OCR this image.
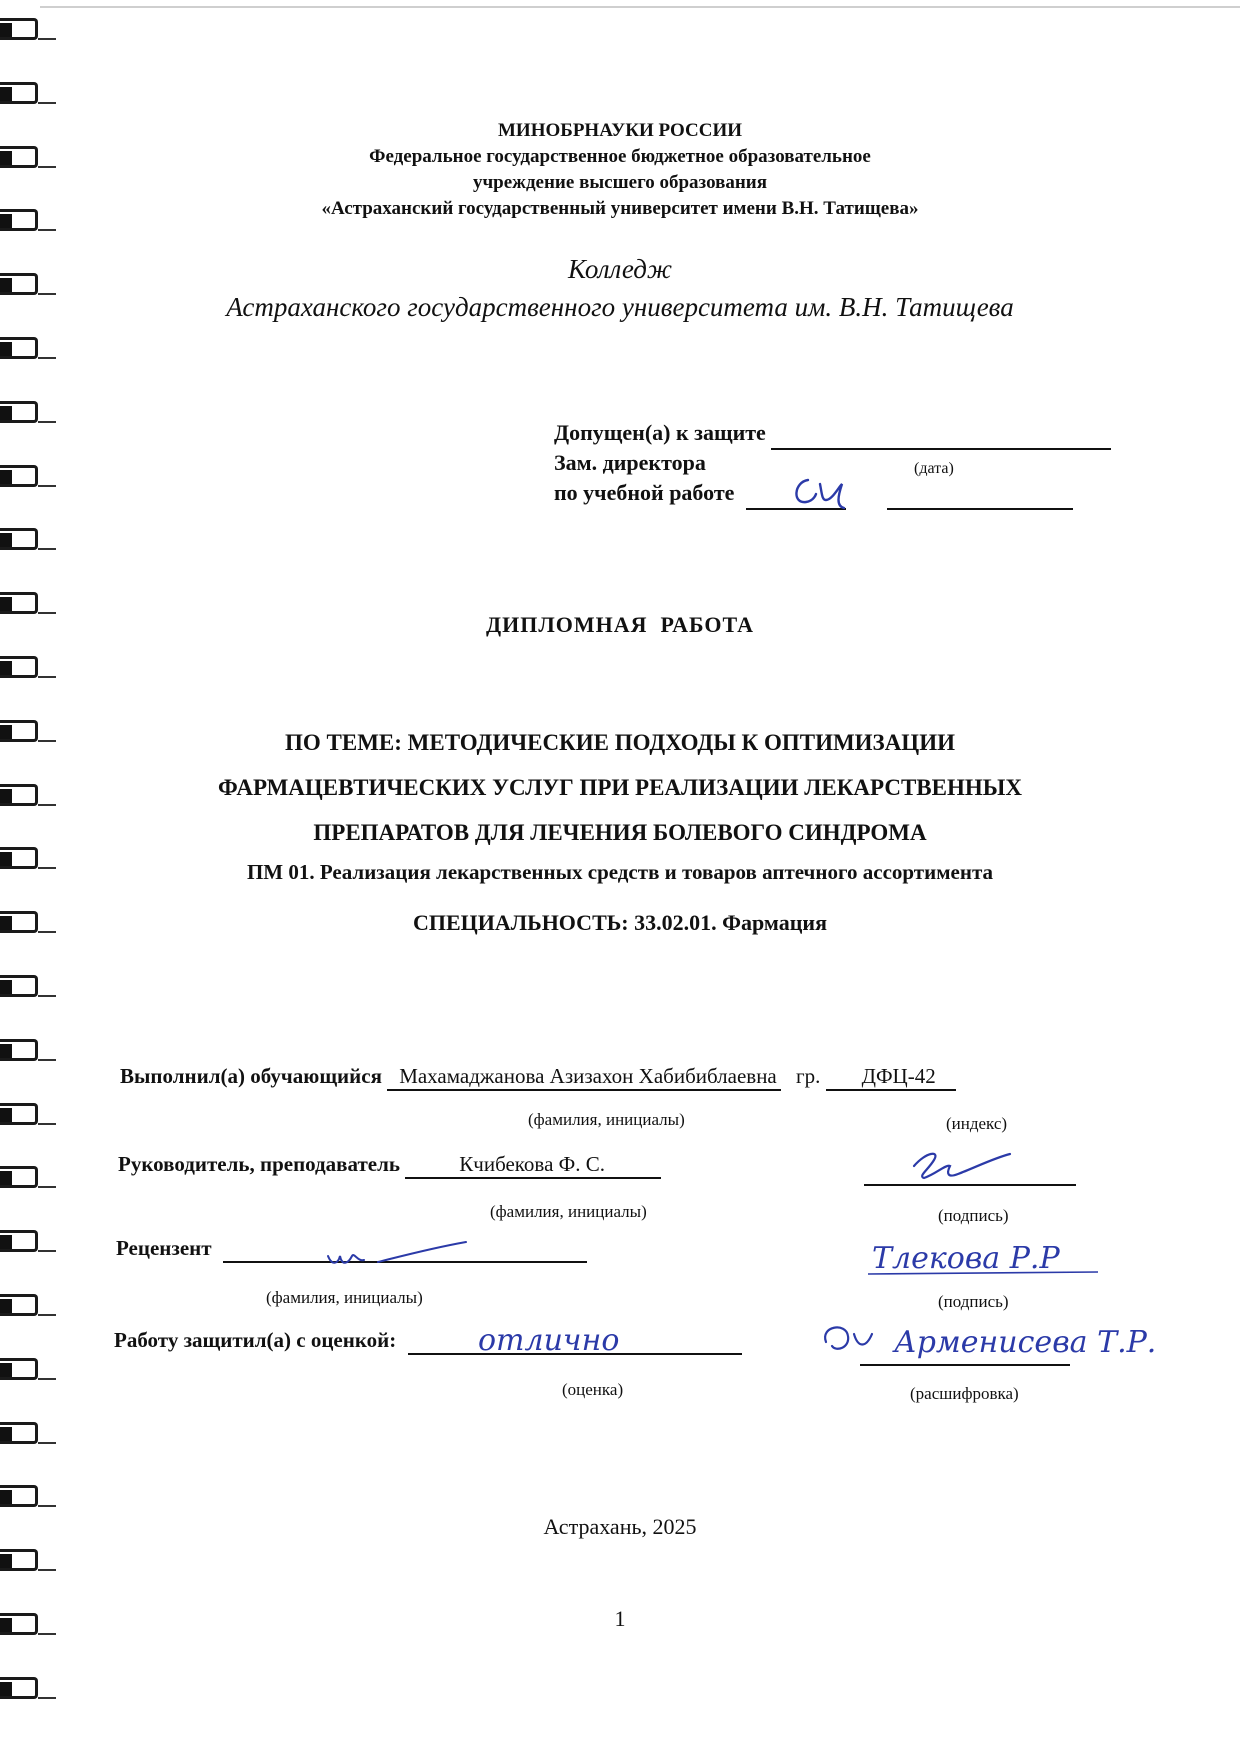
МИНОБРНАУКИ РОССИИ
Федеральное государственное бюджетное образовательное
учреждение высшего образования
«Астраханский государственный университет имени В.Н. Татищева»
Колледж
Астраханского государственного университета им. В.Н. Татищева
Допущен(а) к защите
Зам. директора	(дата)
по учебной работе
ДИПЛОМНАЯ  РАБОТА
ПО ТЕМЕ: МЕТОДИЧЕСКИЕ ПОДХОДЫ К ОПТИМИЗАЦИИ
ФАРМАЦЕВТИЧЕСКИХ УСЛУГ ПРИ РЕАЛИЗАЦИИ ЛЕКАРСТВЕННЫХ
ПРЕПАРАТОВ ДЛЯ ЛЕЧЕНИЯ БОЛЕВОГО СИНДРОМА
ПМ 01. Реализация лекарственных средств и товаров аптечного ассортимента
СПЕЦИАЛЬНОСТЬ: 33.02.01. Фармация
Выполнил(а) обучающийся Махамаджанова Азизахон Хабибиблаевна гр. ДФЦ-42
(фамилия, инициалы)	(индекс)
Руководитель, преподаватель	Кчибекова Ф. С.
(фамилия, инициалы)	(подпись)
Рецензент	Тлекова Р.Р
(фамилия, инициалы)	(подпись)
Работу защитил(а) с оценкой:	отлично	Арменисева Т.Р.
(оценка)	(расшифровка)
Астрахань, 2025
1
